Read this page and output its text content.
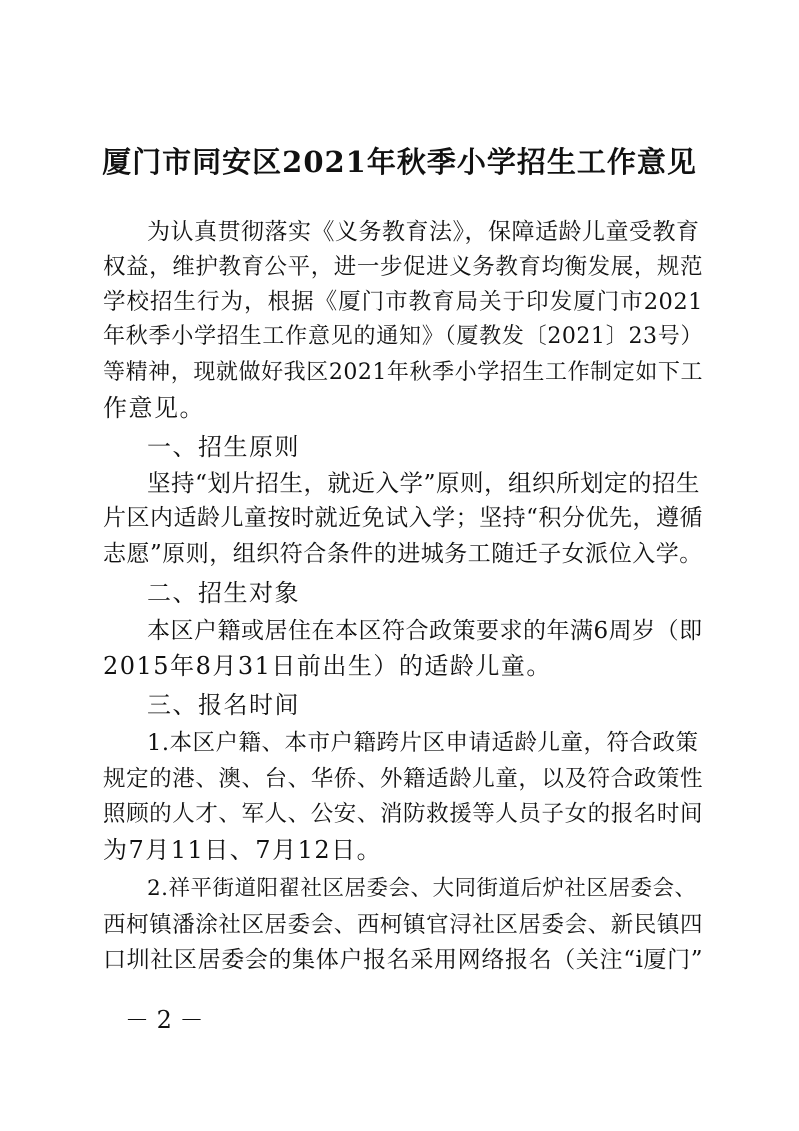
厦门市同安区2021年秋季小学招生工作意见
为认真贯彻落实《义务教育法》，保障适龄儿童受教育
权益，维护教育公平，进一步促进义务教育均衡发展，规范
学校招生行为，根据《厦门市教育局关于印发厦门市2021
年秋季小学招生工作意见的通知》（厦教发〔2021〕23号）
等精神，现就做好我区2021年秋季小学招生工作制定如下工
作意见。
一、招生原则
坚持“划片招生，就近入学”原则，组织所划定的招生
片区内适龄儿童按时就近免试入学；坚持“积分优先，遵循
志愿”原则，组织符合条件的进城务工随迁子女派位入学。
二、招生对象
本区户籍或居住在本区符合政策要求的年满6周岁（即
2015年8月31日前出生）的适龄儿童。
三、报名时间
1.本区户籍、本市户籍跨片区申请适龄儿童，符合政策
规定的港、澳、台、华侨、外籍适龄儿童，以及符合政策性
照顾的人才、军人、公安、消防救援等人员子女的报名时间
为7月11日、7月12日。
2.祥平街道阳翟社区居委会、大同街道后炉社区居委会、
西柯镇潘涂社区居委会、西柯镇官浔社区居委会、新民镇四
口圳社区居委会的集体户报名采用网络报名（关注“i厦门”
－ 2 －
